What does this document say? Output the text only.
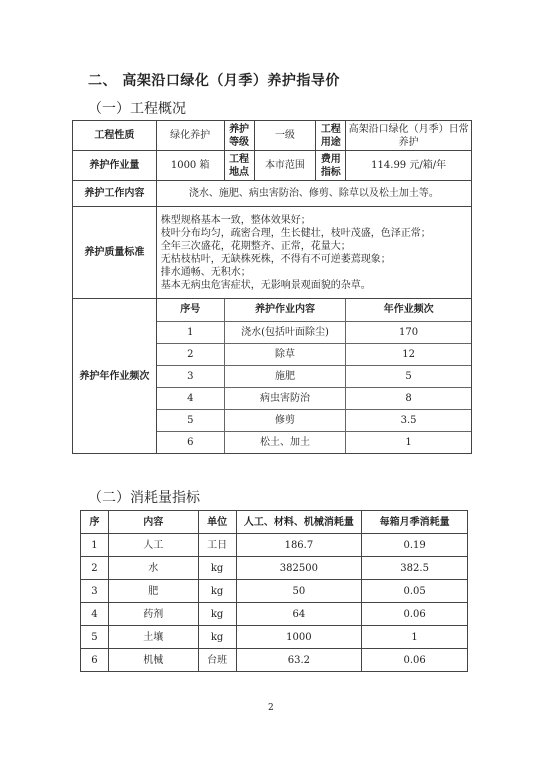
二、 高架沿口绿化（月季）养护指导价
（一）工程概况
工程性质	绿化养护	养护等级	一级	工程用途	高架沿口绿化（月季）日常养护
养护作业量	1000 箱	工程地点	本市范围	费用指标	114.99 元/箱/年
养护工作内容	浇水、施肥、病虫害防治、修剪、除草以及松土加土等。
养护质量标准	
株型规格基本一致，整体效果好；
枝叶分布均匀，疏密合理，生长健壮，枝叶茂盛，色泽正常；
全年三次盛花，花期整齐、正常，花量大；
无枯枝枯叶，无缺株死株，不得有不可逆萎蔫现象；
排水通畅、无积水；
基本无病虫危害症状，无影响景观面貌的杂草。

养护年作业频次	
序号	养护作业内容	年作业频次
1	浇水(包括叶面除尘)	170
2	除草	12
3	施肥	5
4	病虫害防治	8
5	修剪	3.5
6	松土、加土	1
（二）消耗量指标
序	内容	单位	人工、材料、机械消耗量	每箱月季消耗量
1	人工	工日	186.7	0.19
2	水	kg	382500	382.5
3	肥	kg	50	0.05
4	药剂	kg	64	0.06
5	土壤	kg	1000	1
6	机械	台班	63.2	0.06
2
